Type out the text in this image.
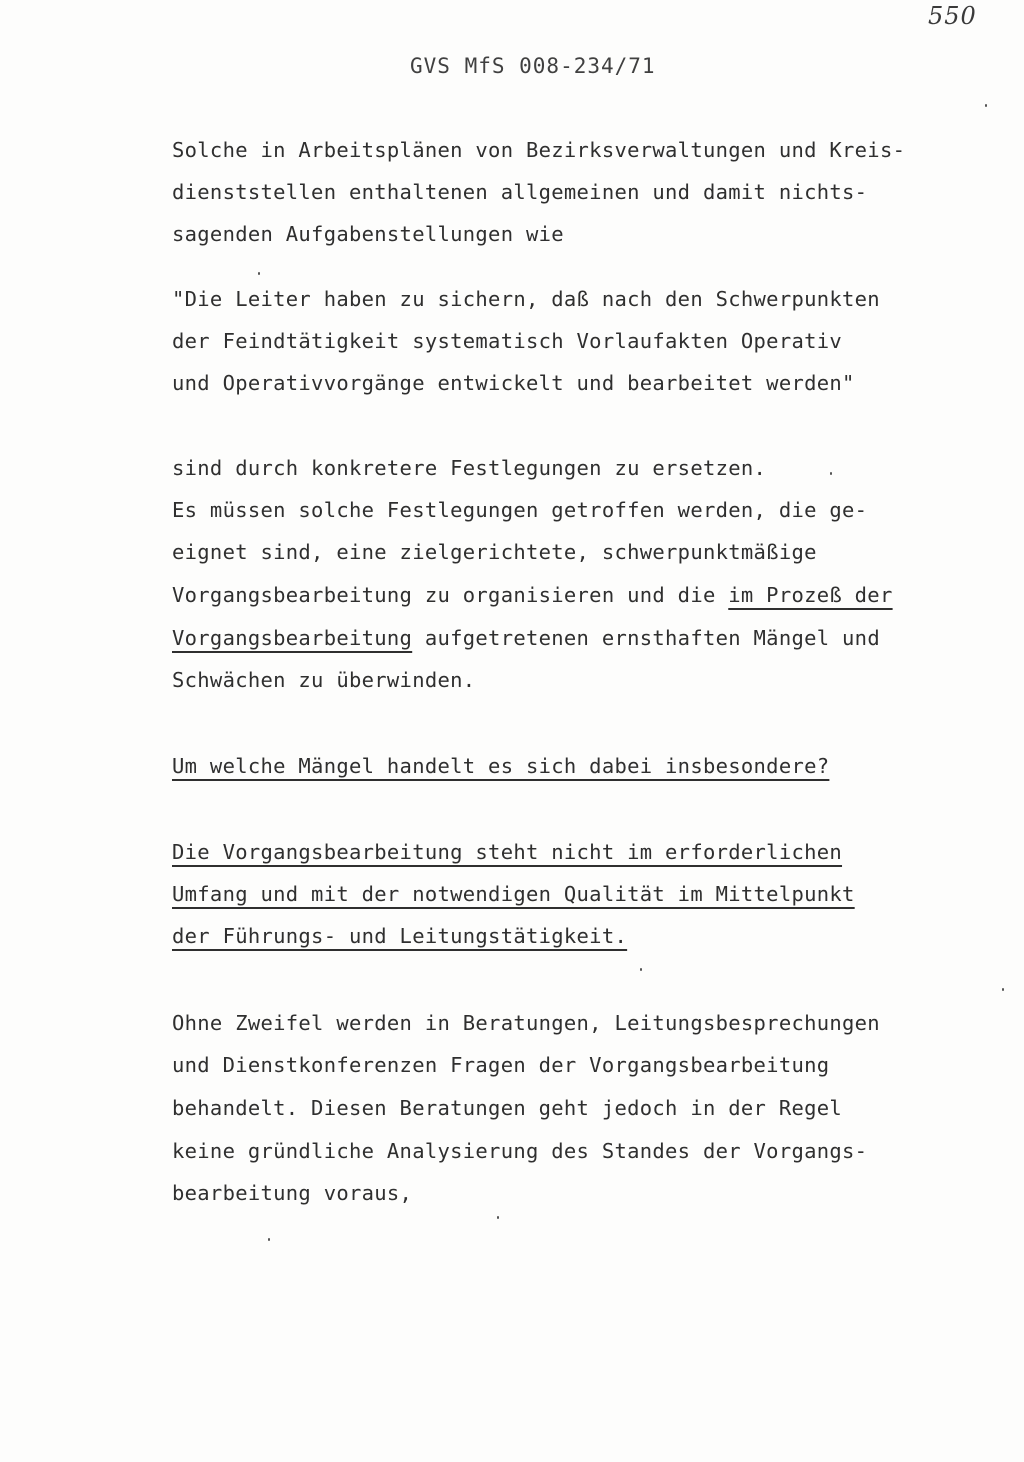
550
GVS MfS 008-234/71
Solche in Arbeitsplänen von Bezirksverwaltungen und Kreis-
dienststellen enthaltenen allgemeinen und damit nichts-
sagenden Aufgabenstellungen wie
"Die Leiter haben zu sichern, daß nach den Schwerpunkten
der Feindtätigkeit systematisch Vorlaufakten Operativ
und Operativvorgänge entwickelt und bearbeitet werden"
sind durch konkretere Festlegungen zu ersetzen.
Es müssen solche Festlegungen getroffen werden, die ge-
eignet sind, eine zielgerichtete, schwerpunktmäßige
Vorgangsbearbeitung zu organisieren und die im Prozeß der
Vorgangsbearbeitung aufgetretenen ernsthaften Mängel und
Schwächen zu überwinden.
Um welche Mängel handelt es sich dabei insbesondere?
Die Vorgangsbearbeitung steht nicht im erforderlichen
Umfang und mit der notwendigen Qualität im Mittelpunkt
der Führungs- und Leitungstätigkeit.
Ohne Zweifel werden in Beratungen, Leitungsbesprechungen
und Dienstkonferenzen Fragen der Vorgangsbearbeitung
behandelt. Diesen Beratungen geht jedoch in der Regel
keine gründliche Analysierung des Standes der Vorgangs-
bearbeitung voraus,
